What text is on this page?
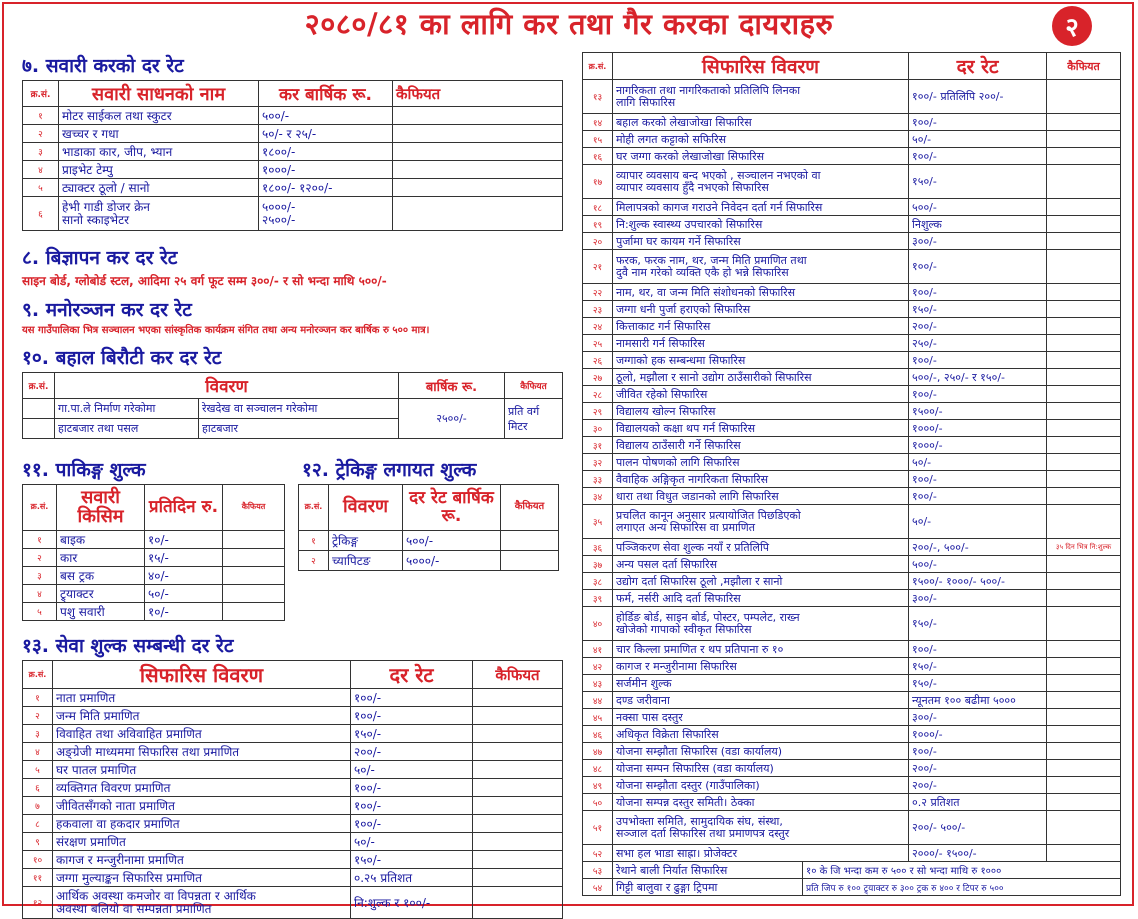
२०८०/८१ का लागि कर तथा गैर करका दायराहरु	२
७. सवारी करको दर रेट
क्र.सं.	सवारी साधनको नाम	कर बार्षिक रू.	कैफियत
१	मोटर साईकल तथा स्कुटर	५००/-	
२	खच्चर र गधा	५०/- र २५/-	
३	भाडाका कार, जीप, भ्यान	१८००/-	
४	प्राइभेट टेम्पु	१०००/-	
५	ट्याक्टर ठूलो / सानो	१८००/- १२००/-	
६	हेभी गाडी डोजर क्रेन
सानो स्काइभेटर	५०००/-
२५००/-	
८. बिज्ञापन कर दर रेट
साइन बोर्ड, ग्लोबोर्ड स्टल, आदिमा २५ वर्ग फूट सम्म ३००/- र सो भन्दा माथि ५००/-
९. मनोरञ्जन कर दर रेट
यस गाउँपालिका भित्र सञ्चालन भएका सांस्कृतिक कार्यक्रम संगित तथा अन्य मनोरञ्जन कर बार्षिक रु ५०० मात्र।
१०. बहाल बिरौटी कर दर रेट
क्र.सं.	विवरण		बार्षिक रू.	कैफियत
	गा.पा.ले निर्माण गरेकोमा	रेखदेख वा सञ्चालन गरेकोमा	२५००/-	प्रति वर्ग मिटर
	हाटबजार तथा पसल	हाटबजार		
११. पाकिङ्ग शुल्क
क्र.सं.	सवारी किसिम	प्रतिदिन रु.	कैफियत
१	बाइक	१०/-	
२	कार	१५/-	
३	बस ट्रक	४०/-	
४	ट्र्याक्टर	५०/-	
५	पशु सवारी	१०/-	
१२. ट्रेकिङ्ग लगायत शुल्क
क्र.सं.	विवरण	दर रेट बार्षिक रू.	कैफियत
१	ट्रेकिङ्ग	५००/-	
२	च्यापिटङ	५०००/-	
१३. सेवा शुल्क सम्बन्धी दर रेट
क्र.सं.	सिफारिस विवरण	दर रेट	कैफियत
१	नाता प्रमाणित	१००/-	
२	जन्म मिति प्रमाणित	१००/-	
३	विवाहित तथा अविवाहित प्रमाणित	१५०/-	
४	अङ्ग्रेजी माध्यममा सिफारिस तथा प्रमाणित	२००/-	
५	घर पातल प्रमाणित	५०/-	
६	व्यक्तिगत विवरण प्रमाणित	१००/-	
७	जीवितसँगको नाता प्रमाणित	१००/-	
८	हकवाला वा हकदार प्रमाणित	१००/-	
९	संरक्षण प्रमाणित	५०/-	
१०	कागज र मन्जुरीनामा प्रमाणित	१५०/-	
११	जग्गा मुल्याङ्कन सिफारिस प्रमाणित	०.२५ प्रतिशत	
१२	आर्थिक अवस्था कमजोर वा विपन्नता र आर्थिक
अवस्था बलियो वा सम्पन्नता प्रमाणित	नि:शुल्क र १००/-	
क्र.सं.	सिफारिस विवरण		दर रेट	कैफियत
१३	नागरिकता तथा नागरिकताको प्रतिलिपि लिनका
लागि सिफारिस		१००/- प्रतिलिपि २००/-	
१४	बहाल करको लेखाजोखा सिफारिस		१००/-	
१५	मोही लगत कट्टाको सफिरिस		५०/-	
१६	घर जग्गा करको लेखाजोखा सिफारिस		१००/-	
१७	व्यापार व्यवसाय बन्द भएको , सञ्चालन नभएको वा
व्यापार व्यवसाय हुँदै नभएको सिफारिस		१५०/-	
१८	मिलापत्रको कागज गराउने निवेदन दर्ता गर्न सिफारिस		५००/-	
१९	नि:शुल्क स्वास्थ्य उपचारको सिफारिस		निशुल्क	
२०	पुर्जामा घर कायम गर्ने सिफारिस		३००/-	
२१	फरक, फरक नाम, थर, जन्म मिति प्रमाणित तथा
दुवै नाम गरेको व्यक्ति एकै हो भन्ने सिफारिस		१००/-	
२२	नाम, थर, वा जन्म मिति संशोधनको सिफारिस		१००/-	
२३	जग्गा धनी पुर्जा हराएको सिफारिस		१५०/-	
२४	कित्ताकाट गर्न सिफारिस		२००/-	
२५	नामसारी गर्न सिफारिस		२५०/-	
२६	जग्गाको हक सम्बन्धमा सिफारिस		१००/-	
२७	ठूलो, मझौला र सानो उद्योग ठाउँसारीको सिफारिस		५००/-, २५०/- र १५०/-	
२८	जीवित रहेको सिफारिस		१००/-	
२९	विद्यालय खोल्न सिफारिस		१५००/-	
३०	विद्यालयको कक्षा थप गर्न सिफारिस		१०००/-	
३१	विद्यालय ठाउँसारी गर्ने सिफारिस		१०००/-	
३२	पालन पोषणको लागि सिफारिस		५०/-	
३३	वैवाहिक अङ्गिकृत नागरिकता सिफारिस		१००/-	
३४	धारा तथा विधुत जडानको लागि सिफारिस		१००/-	
३५	प्रचलित कानून अनुसार प्रत्यायोजित पिछडिएको
लगाएत अन्य सिफारिस वा प्रमाणित		५०/-	
३६	पञ्जिकरण सेवा शुल्क नयाँ र प्रतिलिपि		२००/-, ५००/-	३५ दिन भित्र नि:शुल्क
३७	अन्य पसल दर्ता सिफारिस		५००/-	
३८	उद्योग दर्ता सिफारिस ठूलो ,मझौला र सानो		१५००/- १०००/- ५००/-	
३९	फर्म, नर्सरी आदि दर्ता सिफारिस		३००/-	
४०	होर्डिङ बोर्ड, साइन बोर्ड, पोस्टर, पम्पलेट, राख्न
खोजेको गापाको स्वीकृत सिफारिस		१५०/-	
४१	चार किल्ला प्रमाणित र थप प्रतिपाना रु १०		१००/-	
४२	कागज र मन्जुरीनामा सिफारिस		१५०/-	
४३	सर्जमीन शुल्क		१५०/-	
४४	दण्ड जरीवाना		न्यूनतम १०० बढीमा ५०००	
४५	नक्सा पास दस्तुर		३००/-	
४६	अधिकृत विक्रेता सिफारिस		१०००/-	
४७	योजना सम्झौता सिफारिस (वडा कार्यालय)		१००/-	
४८	योजना सम्पन सिफारिस (वडा कार्यालय)		२००/-	
४९	योजना सम्झौता दस्तुर (गाउँपालिका)		२००/-	
५०	योजना सम्पन्न दस्तुर समिती। ठेक्का		०.२ प्रतिशत	
५१	उपभोक्ता समिति, सामुदायिक संघ, संस्था,
सञ्जाल दर्ता सिफारिस तथा प्रमाणपत्र दस्तुर		२००/- ५००/-	
५२	सभा हल भाडा साह्रा। प्रोजेक्टर		२०००/- १५००/-	
५३	रेथाने बाली निर्यात सिफारिस	१० के जि भन्दा कम रु ५०० र सो भन्दा माथि रु १०००		
५४	गिट्टी बालुवा र ढुङ्गा ट्रिपमा	प्रति जिप रु १०० ट्र्याक्टर रु ३०० ट्रक रु ४०० र टिपर रु ५००		
